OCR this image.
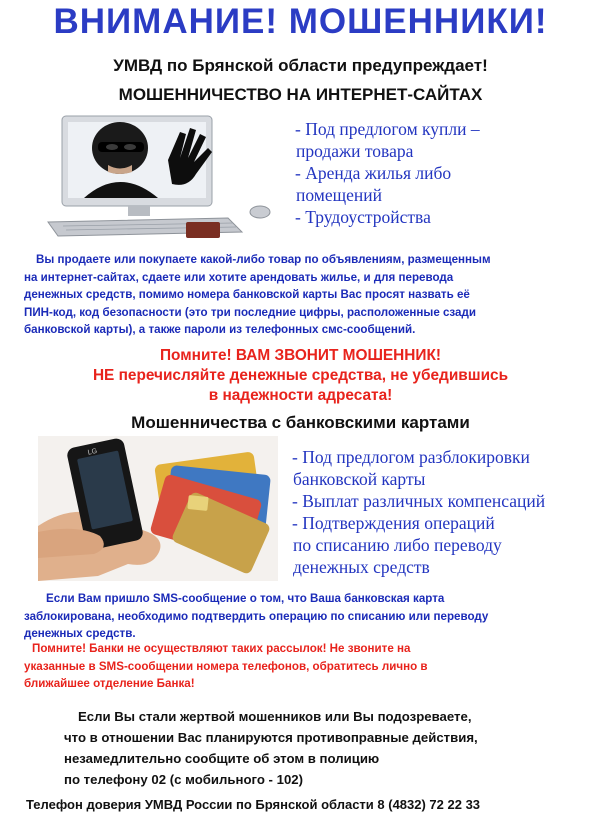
ВНИМАНИЕ! МОШЕННИКИ!
УМВД по Брянской области предупреждает!
МОШЕННИЧЕСТВО НА ИНТЕРНЕТ-САЙТАХ
- Под предлогом купли –
продажи товара
- Аренда жилья либо
помещений
- Трудоустройства
Вы продаете или покупаете какой-либо товар по объявлениям, размещенным
на интернет-сайтах, сдаете или хотите арендовать жилье, и для перевода
денежных средств, помимо номера банковской карты Вас просят назвать её
ПИН-код, код безопасности (это три последние цифры, расположенные сзади
банковской карты), а также пароли из телефонных смс-сообщений.
Помните! ВАМ ЗВОНИТ МОШЕННИК!
НЕ перечисляйте денежные средства, не убедившись
в надежности адресата!
Мошенничества с банковскими картами
LG	- Под предлогом разблокировки
банковской карты
- Выплат различных компенсаций
- Подтверждения операций
по списанию либо переводу
денежных средств
Если Вам пришло SMS-сообщение о том, что Ваша банковская карта
заблокирована, необходимо подтвердить операцию по списанию или переводу
денежных средств.
Помните! Банки не осуществляют таких рассылок! Не звоните на
указанные в SMS-сообщении номера телефонов, обратитесь лично в
ближайшее отделение Банка!
Если Вы стали жертвой мошенников или Вы подозреваете,
что в отношении Вас планируются противоправные действия,
незамедлительно сообщите об этом в полицию
по телефону 02 (с мобильного - 102)
Телефон доверия УМВД России по Брянской области 8 (4832) 72 22 33
